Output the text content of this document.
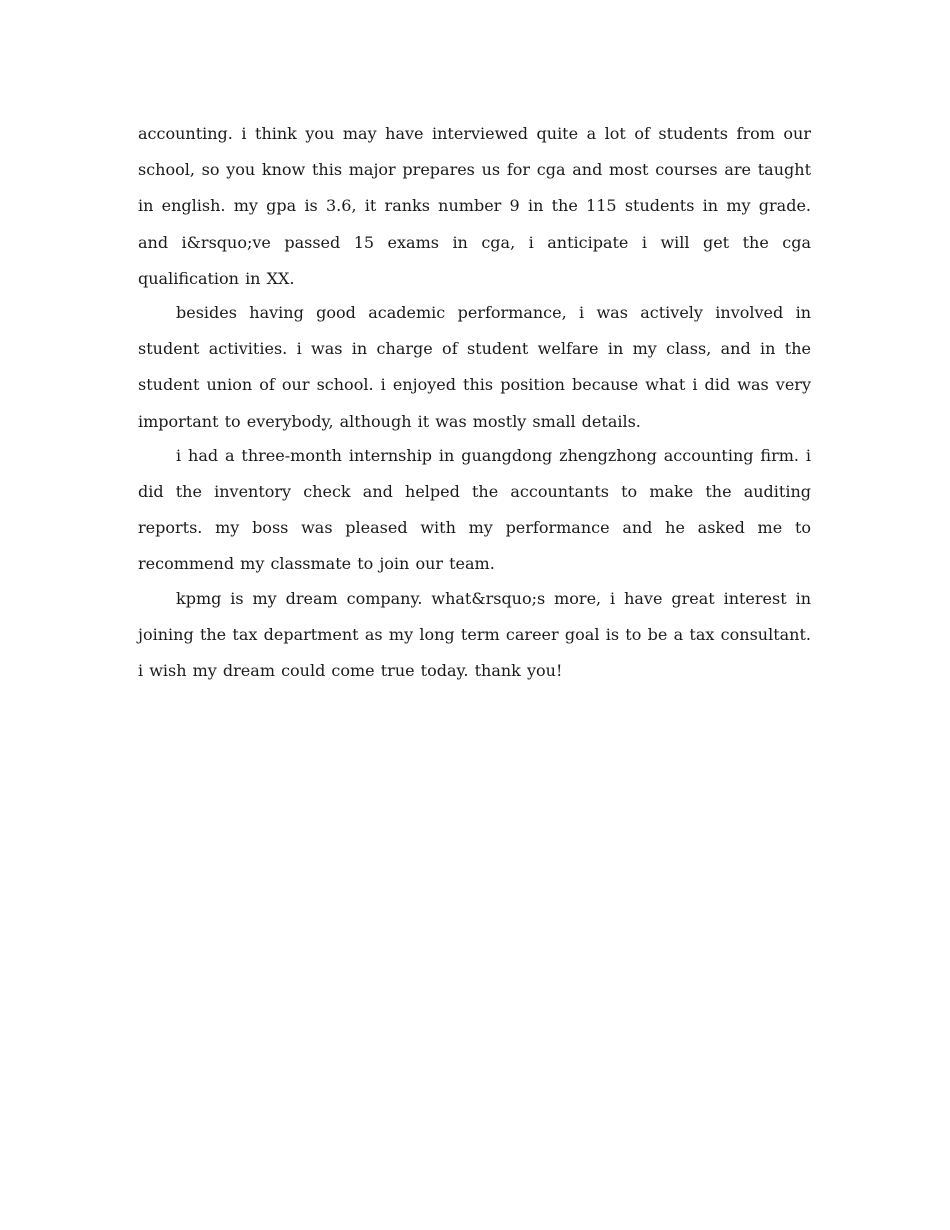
accounting. i think you may have interviewed quite a lot of students from our school, so you know this major prepares us for cga and most courses are taught in english. my gpa is 3.6, it ranks number 9 in the 115 students in my grade. and i&rsquo;ve passed 15 exams in cga, i anticipate i will get the cga qualification in XX.

besides having good academic performance, i was actively involved in student activities. i was in charge of student welfare in my class, and in the student union of our school. i enjoyed this position because what i did was very important to everybody, although it was mostly small details.

i had a three-month internship in guangdong zhengzhong accounting firm. i did the inventory check and helped the accountants to make the auditing reports. my boss was pleased with my performance and he asked me to recommend my classmate to join our team.

kpmg is my dream company. what&rsquo;s more, i have great interest in joining the tax department as my long term career goal is to be a tax consultant. i wish my dream could come true today. thank you!
